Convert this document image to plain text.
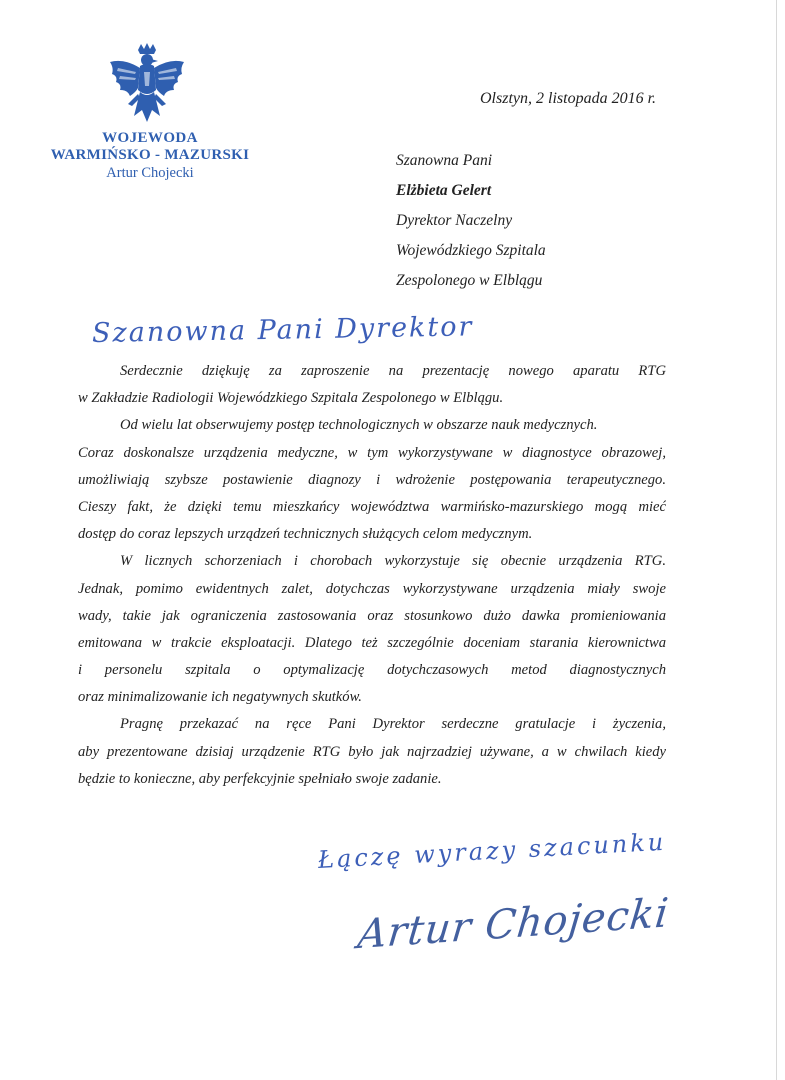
WOJEWODA
WARMIŃSKO - MAZURSKI
Artur Chojecki
Olsztyn, 2 listopada 2016 r.
Szanowna Pani
Elżbieta Gelert
Dyrektor Naczelny
Wojewódzkiego Szpitala
Zespolonego w Elblągu
Szanowna Pani Dyrektor
Serdecznie dziękuję za zaproszenie na prezentację nowego aparatu RTG
w Zakładzie Radiologii Wojewódzkiego Szpitala Zespolonego w Elblągu.
Od wielu lat obserwujemy postęp technologicznych w obszarze nauk medycznych.
Coraz doskonalsze urządzenia medyczne, w tym wykorzystywane w diagnostyce obrazowej,
umożliwiają szybsze postawienie diagnozy i wdrożenie postępowania terapeutycznego.
Cieszy fakt, że dzięki temu mieszkańcy województwa warmińsko-mazurskiego mogą mieć
dostęp do coraz lepszych urządzeń technicznych służących celom medycznym.
W licznych schorzeniach i chorobach wykorzystuje się obecnie urządzenia RTG.
Jednak, pomimo ewidentnych zalet, dotychczas wykorzystywane urządzenia miały swoje
wady, takie jak ograniczenia zastosowania oraz stosunkowo dużo dawka promieniowania
emitowana w trakcie eksploatacji. Dlatego też szczególnie doceniam starania kierownictwa
i personelu szpitala o optymalizację dotychczasowych metod diagnostycznych
oraz minimalizowanie ich negatywnych skutków.
Pragnę przekazać na ręce Pani Dyrektor serdeczne gratulacje i życzenia,
aby prezentowane dzisiaj urządzenie RTG było jak najrzadziej używane, a w chwilach kiedy
będzie to konieczne, aby perfekcyjnie spełniało swoje zadanie.
Łączę wyrazy szacunku
Artur Chojecki
